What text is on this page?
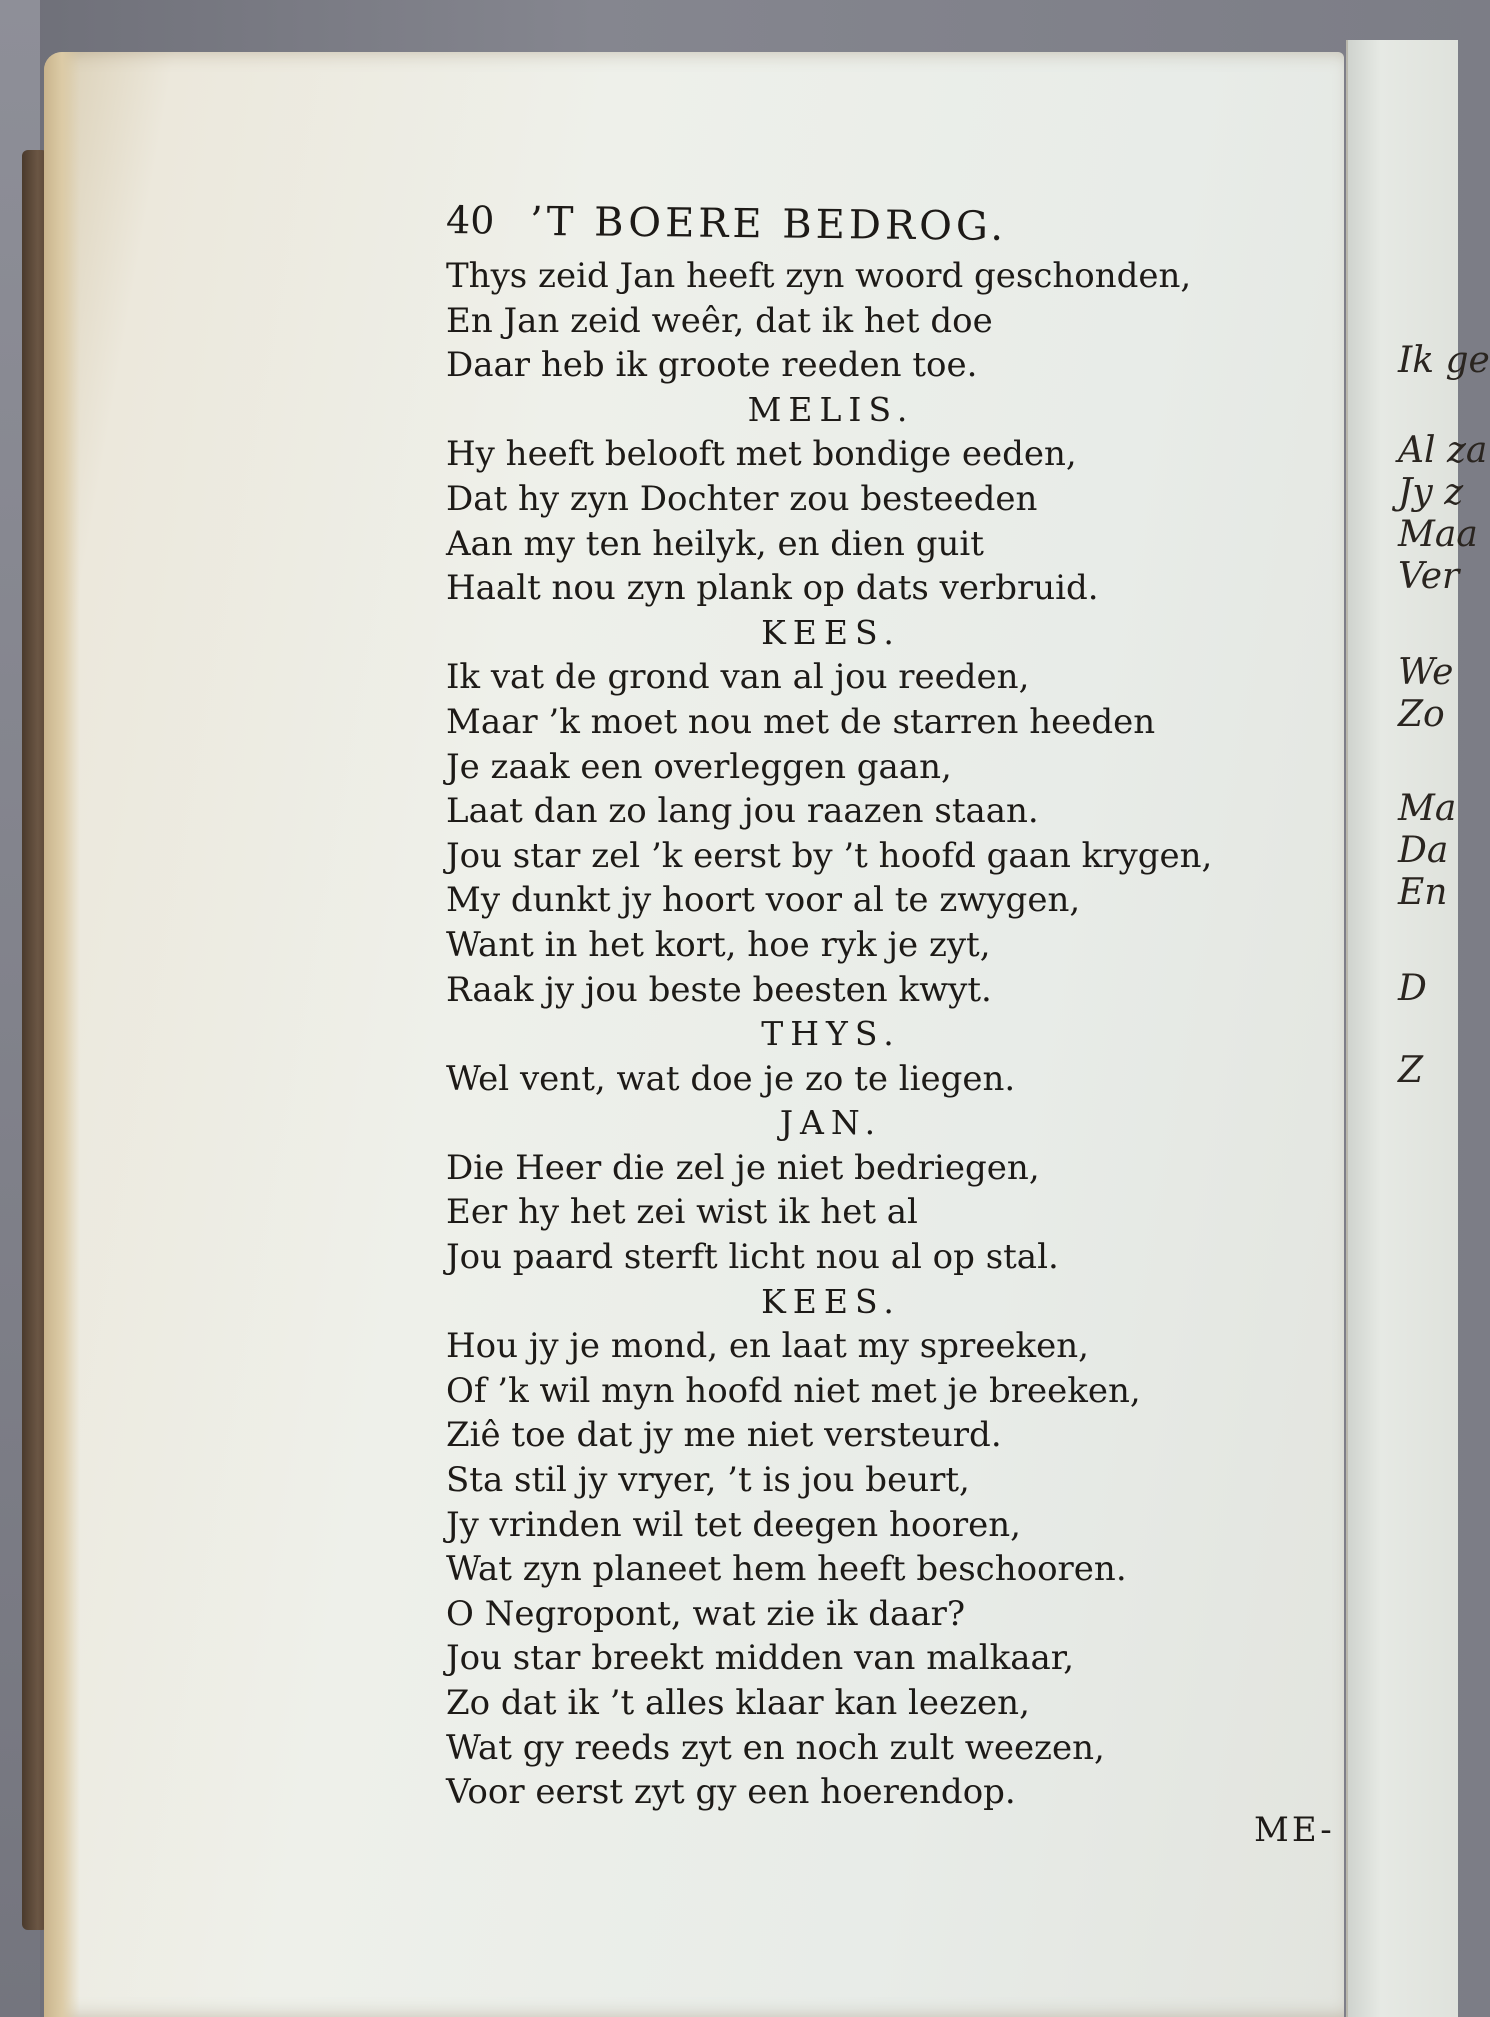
Ik ge
Al za
Jy z
Maa
Ver
We
Zo
Ma
Da
En
D
Z
40 ’T BOERE BEDROG.
Thys zeid Jan heeft zyn woord geschonden,
En Jan zeid weêr, dat ik het doe
Daar heb ik groote reeden toe.
MELIS.
Hy heeft belooft met bondige eeden,
Dat hy zyn Dochter zou besteeden
Aan my ten heilyk, en dien guit
Haalt nou zyn plank op dats verbruid.
KEES.
Ik vat de grond van al jou reeden,
Maar ’k moet nou met de starren heeden
Je zaak een overleggen gaan,
Laat dan zo lang jou raazen staan.
Jou star zel ’k eerst by ’t hoofd gaan krygen,
My dunkt jy hoort voor al te zwygen,
Want in het kort, hoe ryk je zyt,
Raak jy jou beste beesten kwyt.
THYS.
Wel vent, wat doe je zo te liegen.
JAN.
Die Heer die zel je niet bedriegen,
Eer hy het zei wist ik het al
Jou paard sterft licht nou al op stal.
KEES.
Hou jy je mond, en laat my spreeken,
Of ’k wil myn hoofd niet met je breeken,
Ziê toe dat jy me niet versteurd.
Sta stil jy vryer, ’t is jou beurt,
Jy vrinden wil tet deegen hooren,
Wat zyn planeet hem heeft beschooren.
O Negropont, wat zie ik daar?
Jou star breekt midden van malkaar,
Zo dat ik ’t alles klaar kan leezen,
Wat gy reeds zyt en noch zult weezen,
Voor eerst zyt gy een hoerendop.
ME-
